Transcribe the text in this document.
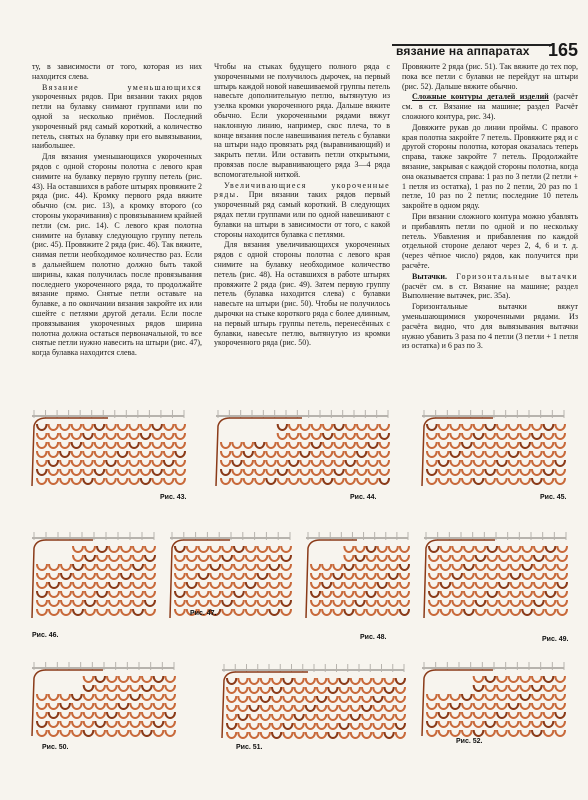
вязание на аппаратах 165

ту, в зависимости от того, которая из них находится слева.

Вязание уменьшающихся укороченных рядов. При вязании таких рядов петли на булавку снимают группами или по одной за несколько приёмов. Последний укороченный ряд самый короткий, а количество петель, снятых на булавку при его вывязывании, наибольшее.

Для вязания уменьшающихся укороченных рядов с одной стороны полотна с левого края снимите на булавку первую группу петель (рис. 43). На оставшихся в работе штырях провяжите 2 ряда (рис. 44). Кромку первого ряда вяжите обычно (см. рис. 13), а кромку второго (со стороны укорачивания) с провязыванием крайней петли (см. рис. 14). С левого края полотна снимите на булавку следующую группу петель (рис. 45). Провяжите 2 ряда (рис. 46). Так вяжите, снимая петли необходимое количество раз. Если в дальнейшем полотно должно быть такой ширины, какая получилась после провязывания последнего укороченного ряда, то продолжайте вязание прямо. Снятые петли оставьте на булавке, а по окончании вязания закройте их или сшейте с петлями другой детали. Если после провязывания укороченных рядов ширина полотна должна остаться первоначальной, то все снятые петли нужно навесить на штыри (рис. 47), когда булавка находится слева.

Чтобы на стыках будущего полного ряда с укороченными не получилось дырочек, на первый штырь каждой новой навешиваемой группы петель навесьте дополнительную петлю, вытянутую из узелка кромки укороченного ряда. Дальше вяжите обычно. Если укороченными рядами вяжут наклонную линию, например, скос плеча, то в конце вязания после навешивания петель с булавки на штыри надо провязать ряд (выравнивающий) и закрыть петли. Или оставить петли открытыми, провязав после выравнивающего ряда 3—4 ряда вспомогательной ниткой.

Увеличивающиеся укороченные ряды. При вязании таких рядов первый укороченный ряд самый короткий. В следующих рядах петли группами или по одной навешивают с булавки на штыри в зависимости от того, с какой стороны находится булавка с петлями.

Для вязания увеличивающихся укороченных рядов с одной стороны полотна с левого края снимите на булавку необходимое количество петель (рис. 48). На оставшихся в работе штырях провяжите 2 ряда (рис. 49). Затем первую группу петель (булавка находится слева) с булавки навесьте на штыри (рис. 50). Чтобы не получилось дырочки на стыке короткого ряда с более длинным, на первый штырь группы петель, перенесённых с булавки, навесьте петлю, вытянутую из кромки укороченного ряда (рис. 50).

Провяжите 2 ряда (рис. 51). Так вяжите до тех пор, пока все петли с булавки не перейдут на штыри (рис. 52). Дальше вяжите обычно.

Сложные контуры деталей изделий (расчёт см. в ст. Вязание на машине; раздел Расчёт сложного контура, рис. 34).

Довяжите рукав до линии проймы. С правого края полотна закройте 7 петель. Провяжите ряд и с другой стороны полотна, которая оказалась теперь справа, также закройте 7 петель. Продолжайте вязание, закрывая с каждой стороны полотна, когда она оказывается справа: 1 раз по 3 петли (2 петли + 1 петля из остатка), 1 раз по 2 петли, 20 раз по 1 петле, 10 раз по 2 петли; последние 10 петель закройте в одном ряду.

При вязании сложного контура можно убавлять и прибавлять петли по одной и по нескольку петель. Убавления и прибавления по каждой отдельной стороне делают через 2, 4, 6 и т. д. (через чётное число) рядов, как получится при расчёте.

Вытачки. Горизонтальные вытачки (расчёт см. в ст. Вязание на машине; раздел Выполнение вытачек, рис. 35а).

Горизонтальные вытачки вяжут уменьшающимися укороченными рядами. Из расчёта видно, что для вывязывания вытачки нужно убавить 3 раза по 4 петли (3 петли + 1 петля из остатка) и 6 раз по 3.

Рис. 43.	Рис. 44.	Рис. 45.
Рис. 46.
Рис. 47.
Рис. 48.	Рис. 49.
Рис. 50.	Рис. 51.
Рис. 52.
